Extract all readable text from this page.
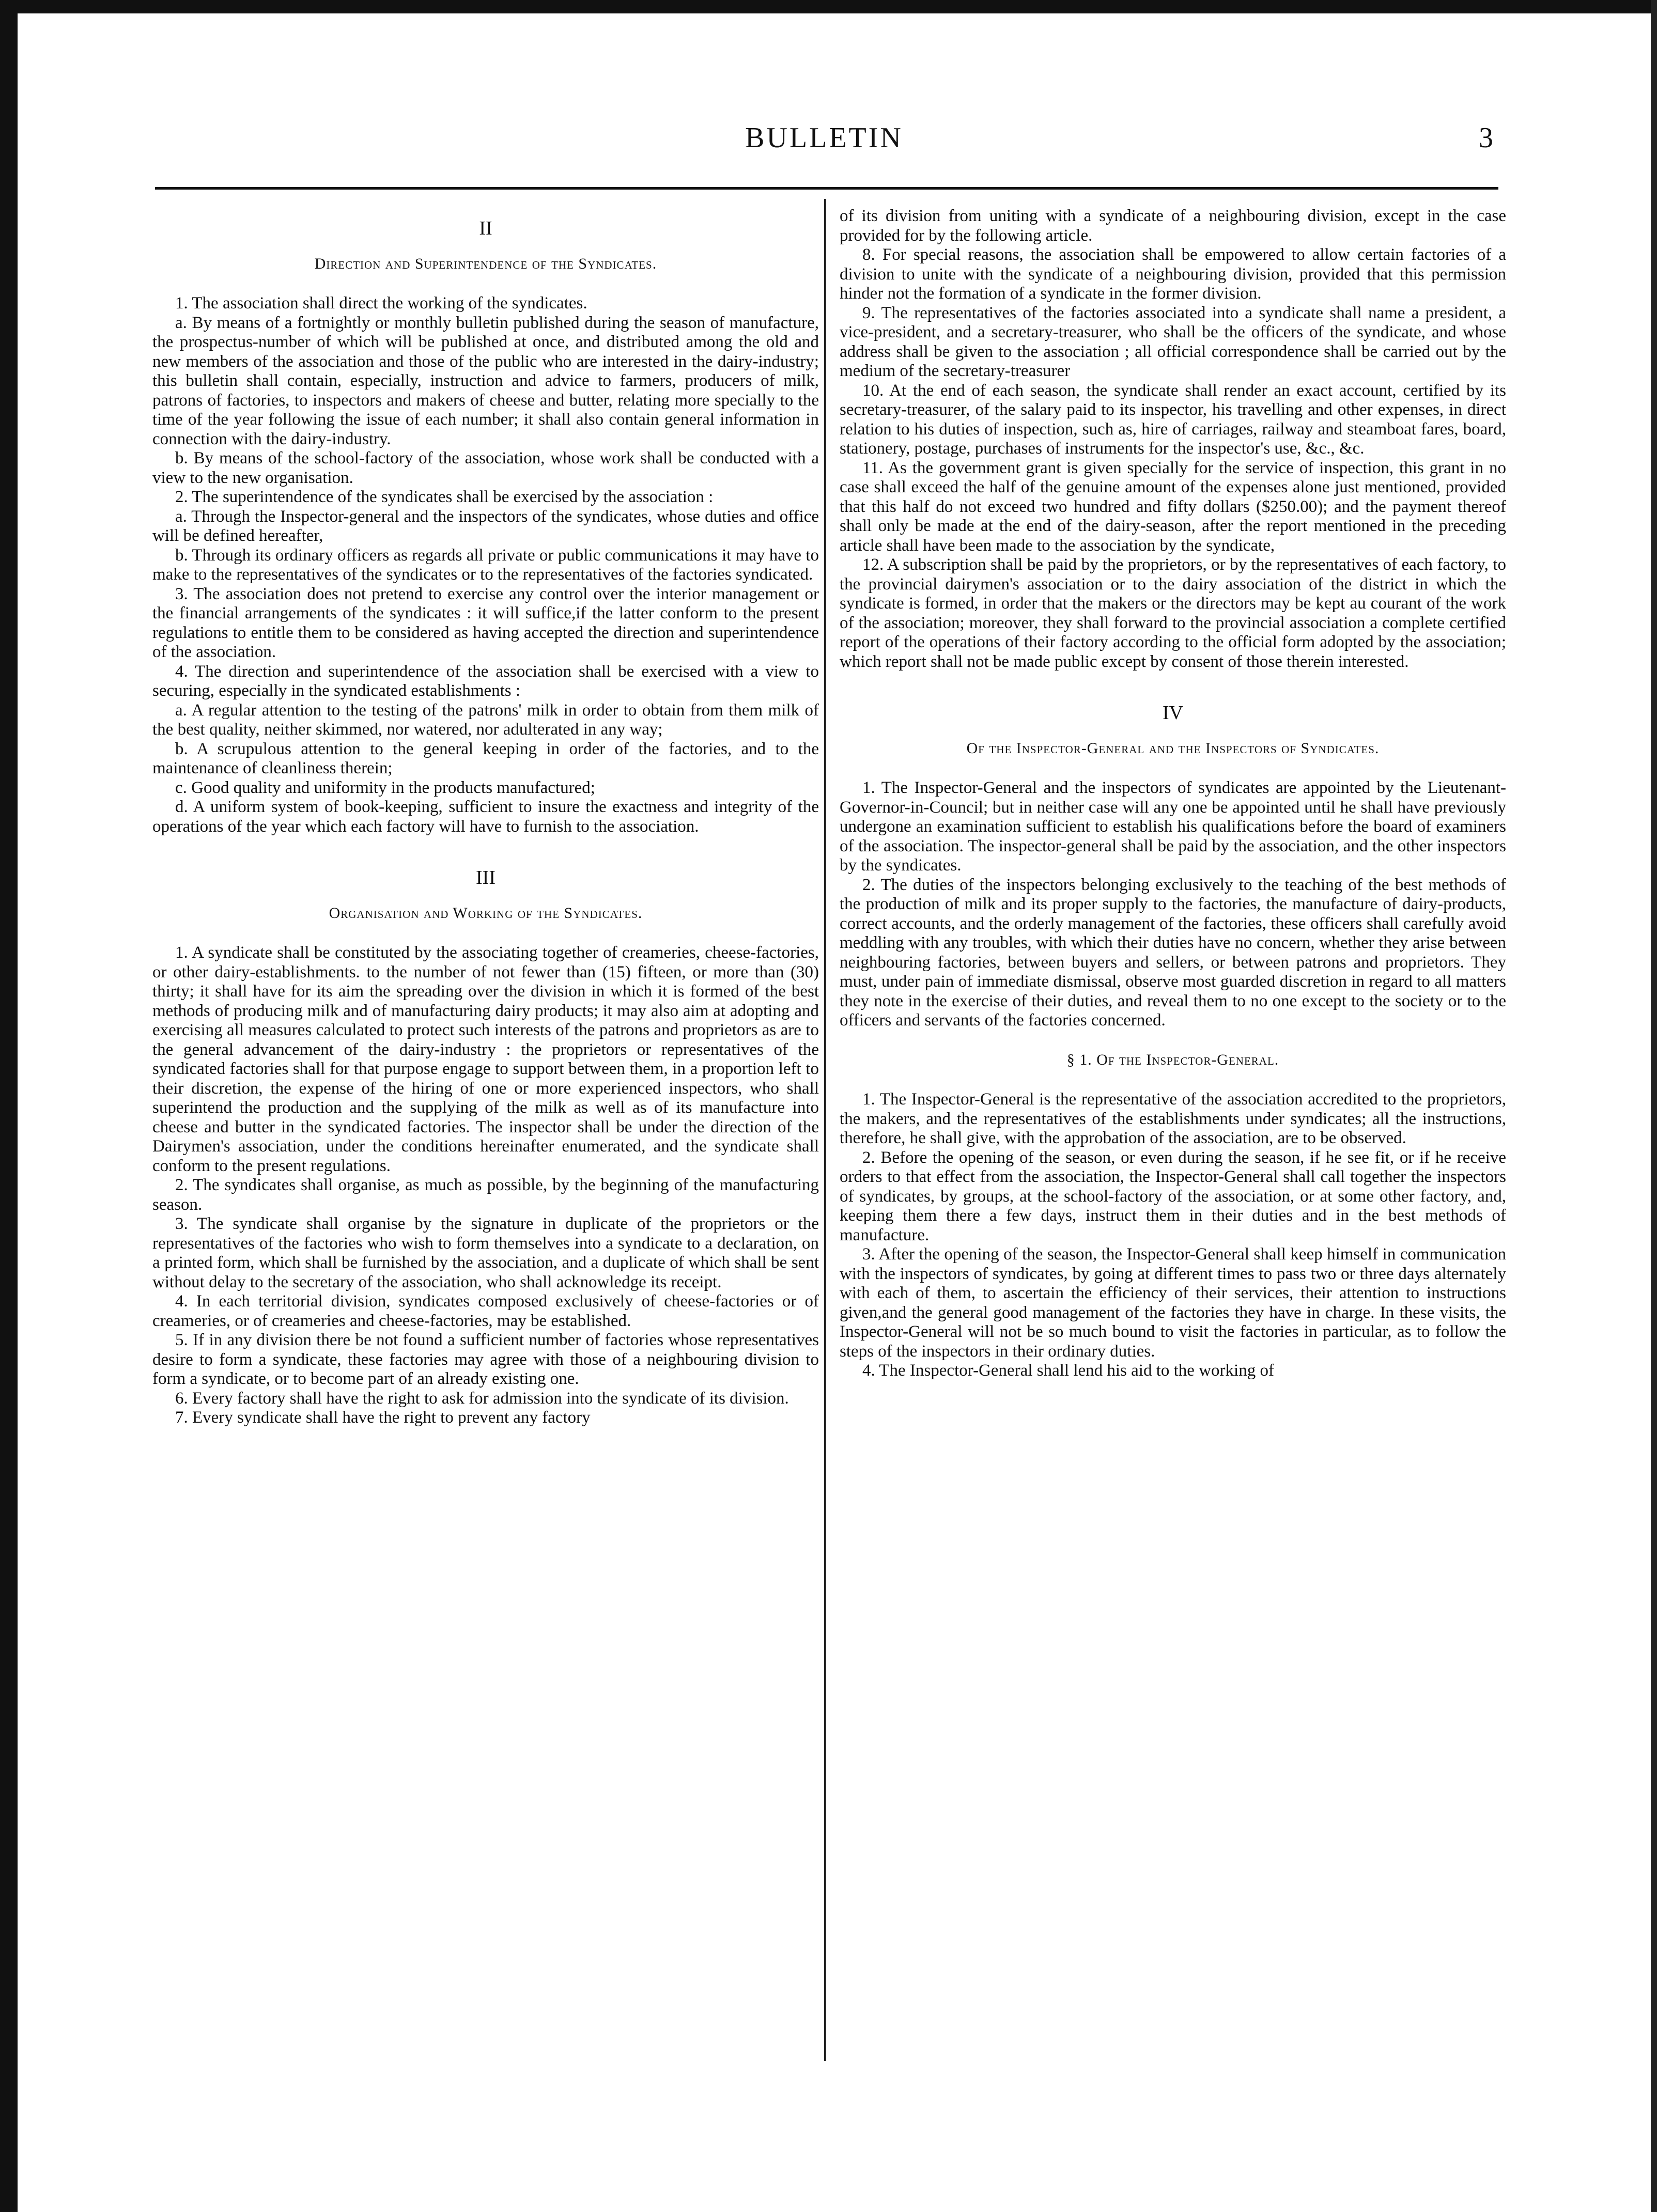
BULLETIN	3
II
Direction and Superintendence of the Syndicates.

1. The association shall direct the working of the syndicates.

a. By means of a fortnightly or monthly bulletin published during the season of manufacture, the prospectus-number of which will be published at once, and distributed among the old and new members of the association and those of the public who are interested in the dairy-industry; this bulletin shall contain, especially, instruction and advice to farmers, producers of milk, patrons of factories, to inspectors and makers of cheese and butter, relating more specially to the time of the year following the issue of each number; it shall also contain general information in connection with the dairy-industry.

b. By means of the school-factory of the association, whose work shall be conducted with a view to the new organisation.

2. The superintendence of the syndicates shall be exercised by the association :

a. Through the Inspector-general and the inspectors of the syndicates, whose duties and office will be defined hereafter,

b. Through its ordinary officers as regards all private or public communications it may have to make to the representatives of the syndicates or to the representatives of the factories syndicated.

3. The association does not pretend to exercise any control over the interior management or the financial arrangements of the syndicates : it will suffice,if the latter conform to the present regulations to entitle them to be considered as having accepted the direction and superintendence of the association.

4. The direction and superintendence of the association shall be exercised with a view to securing, especially in the syndicated establishments :

a. A regular attention to the testing of the patrons' milk in order to obtain from them milk of the best quality, neither skimmed, nor watered, nor adulterated in any way;

b. A scrupulous attention to the general keeping in order of the factories, and to the maintenance of cleanliness therein;

c. Good quality and uniformity in the products manufactured;

d. A uniform system of book-keeping, sufficient to insure the exactness and integrity of the operations of the year which each factory will have to furnish to the association.

III
Organisation and Working of the Syndicates.

1. A syndicate shall be constituted by the associating together of creameries, cheese-factories, or other dairy-establishments. to the number of not fewer than (15) fifteen, or more than (30) thirty; it shall have for its aim the spreading over the division in which it is formed of the best methods of producing milk and of manufacturing dairy products; it may also aim at adopting and exercising all measures calculated to protect such interests of the patrons and proprietors as are to the general advancement of the dairy-industry : the proprietors or representatives of the syndicated factories shall for that purpose engage to support between them, in a proportion left to their discretion, the expense of the hiring of one or more experienced inspectors, who shall superintend the production and the supplying of the milk as well as of its manufacture into cheese and butter in the syndicated factories. The inspector shall be under the direction of the Dairymen's association, under the conditions hereinafter enumerated, and the syndicate shall conform to the present regulations.

2. The syndicates shall organise, as much as possible, by the beginning of the manufacturing season.

3. The syndicate shall organise by the signature in duplicate of the proprietors or the representatives of the factories who wish to form themselves into a syndicate to a declaration, on a printed form, which shall be furnished by the association, and a duplicate of which shall be sent without delay to the secretary of the association, who shall acknowledge its receipt.

4. In each territorial division, syndicates composed exclusively of cheese-factories or of creameries, or of creameries and cheese-factories, may be established.

5. If in any division there be not found a sufficient number of factories whose representatives desire to form a syndicate, these factories may agree with those of a neighbouring division to form a syndicate, or to become part of an already existing one.

6. Every factory shall have the right to ask for admission into the syndicate of its division.

7. Every syndicate shall have the right to prevent any factory

of its division from uniting with a syndicate of a neighbouring division, except in the case provided for by the following article.

8. For special reasons, the association shall be empowered to allow certain factories of a division to unite with the syndicate of a neighbouring division, provided that this permission hinder not the formation of a syndicate in the former division.

9. The representatives of the factories associated into a syndicate shall name a president, a vice-president, and a secretary-treasurer, who shall be the officers of the syndicate, and whose address shall be given to the association ; all official correspondence shall be carried out by the medium of the secretary-treasurer

10. At the end of each season, the syndicate shall render an exact account, certified by its secretary-treasurer, of the salary paid to its inspector, his travelling and other expenses, in direct relation to his duties of inspection, such as, hire of carriages, railway and steamboat fares, board, stationery, postage, purchases of instruments for the inspector's use, &c., &c.

11. As the government grant is given specially for the service of inspection, this grant in no case shall exceed the half of the genuine amount of the expenses alone just mentioned, provided that this half do not exceed two hundred and fifty dollars ($250.00); and the payment thereof shall only be made at the end of the dairy-season, after the report mentioned in the preceding article shall have been made to the association by the syndicate,

12. A subscription shall be paid by the proprietors, or by the representatives of each factory, to the provincial dairymen's association or to the dairy association of the district in which the syndicate is formed, in order that the makers or the directors may be kept au courant of the work of the association; moreover, they shall forward to the provincial association a complete certified report of the operations of their factory according to the official form adopted by the association; which report shall not be made public except by consent of those therein interested.

IV
Of the Inspector-General and the Inspectors of Syndicates.

1. The Inspector-General and the inspectors of syndicates are appointed by the Lieutenant-Governor-in-Council; but in neither case will any one be appointed until he shall have previously undergone an examination sufficient to establish his qualifications before the board of examiners of the association. The inspector-general shall be paid by the association, and the other inspectors by the syndicates.

2. The duties of the inspectors belonging exclusively to the teaching of the best methods of the production of milk and its proper supply to the factories, the manufacture of dairy-products, correct accounts, and the orderly management of the factories, these officers shall carefully avoid meddling with any troubles, with which their duties have no concern, whether they arise between neighbouring factories, between buyers and sellers, or between patrons and proprietors. They must, under pain of immediate dismissal, observe most guarded discretion in regard to all matters they note in the exercise of their duties, and reveal them to no one except to the society or to the officers and servants of the factories concerned.

§ 1. Of the Inspector-General.

1. The Inspector-General is the representative of the association accredited to the proprietors, the makers, and the representatives of the establishments under syndicates; all the instructions, therefore, he shall give, with the approbation of the association, are to be observed.

2. Before the opening of the season, or even during the season, if he see fit, or if he receive orders to that effect from the association, the Inspector-General shall call together the inspectors of syndicates, by groups, at the school-factory of the association, or at some other factory, and, keeping them there a few days, instruct them in their duties and in the best methods of manufacture.

3. After the opening of the season, the Inspector-General shall keep himself in communication with the inspectors of syndicates, by going at different times to pass two or three days alternately with each of them, to ascertain the efficiency of their services, their attention to instructions given,and the general good management of the factories they have in charge. In these visits, the Inspector-General will not be so much bound to visit the factories in particular, as to follow the steps of the inspectors in their ordinary duties.

4. The Inspector-General shall lend his aid to the working of
